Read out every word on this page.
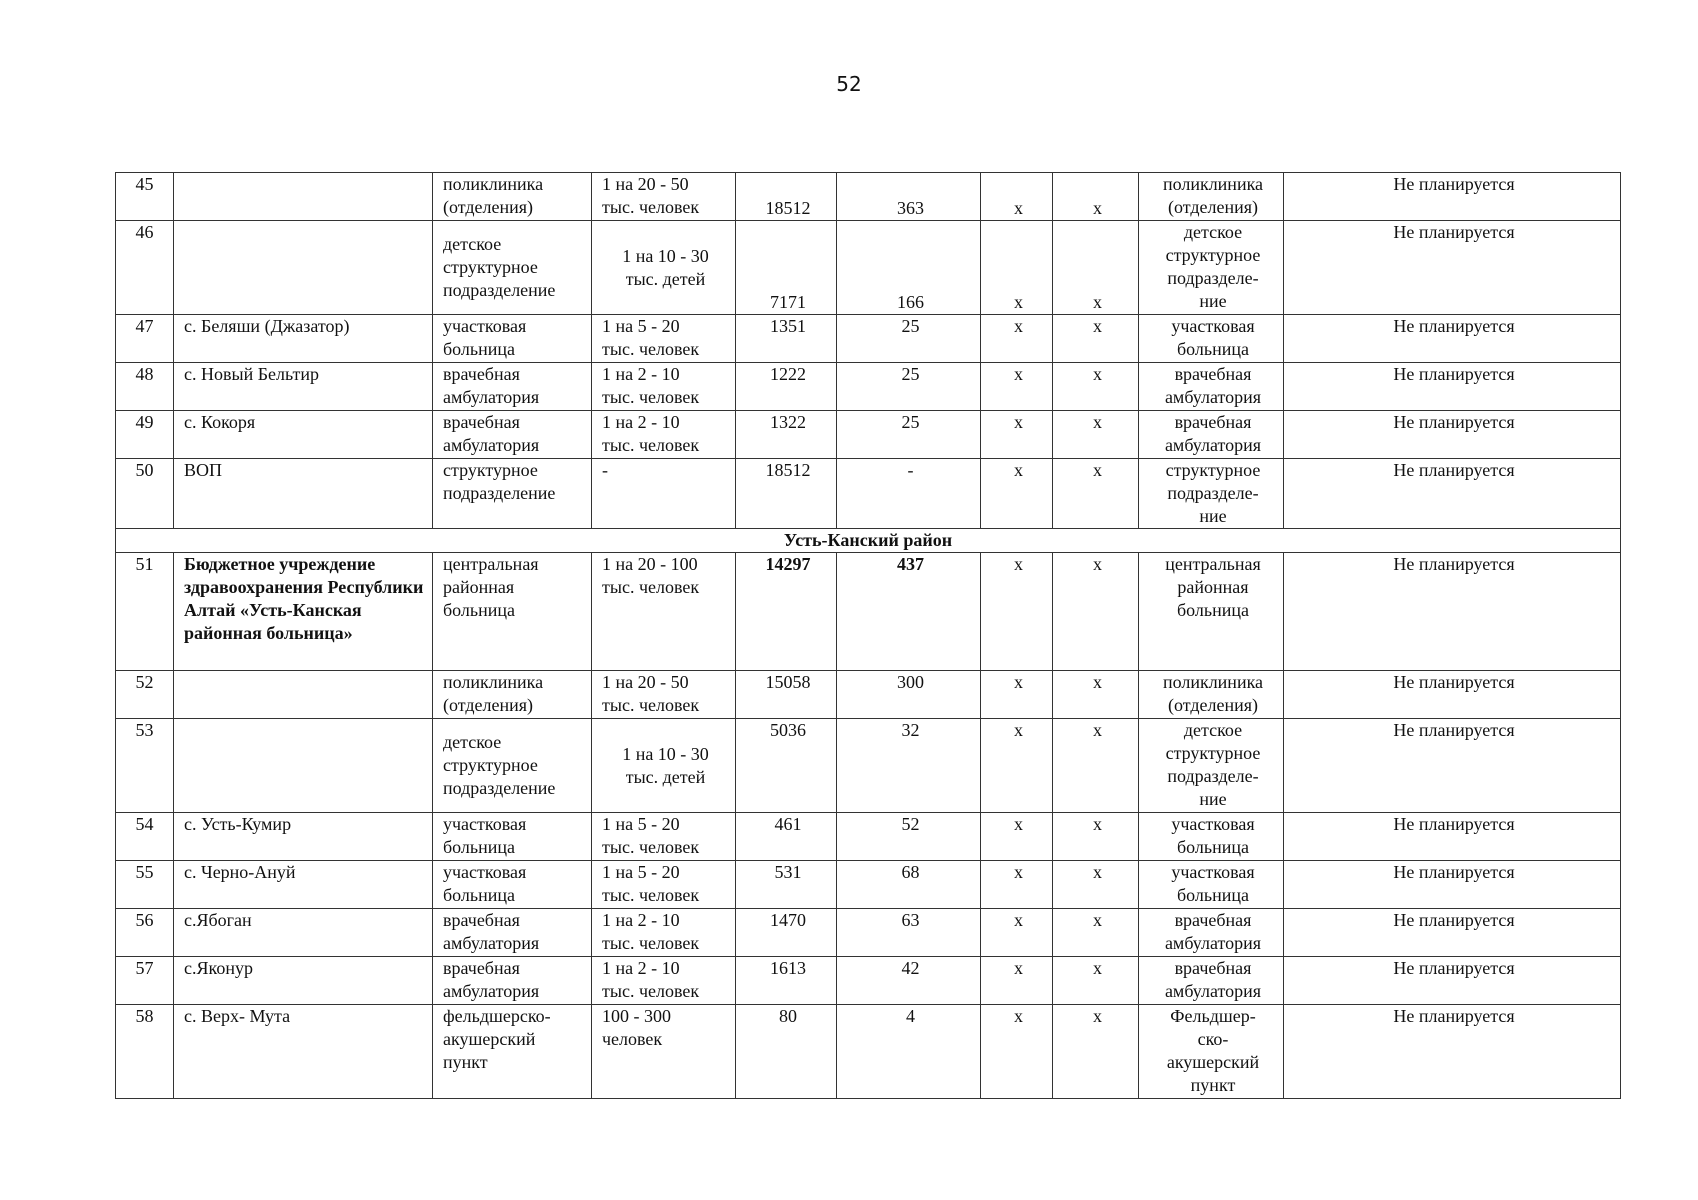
52
45		поликлиника
(отделения)	1 на 20 - 50
тыс. человек	18512	363	х	х	поликлиника
(отделения)	Не планируется
46		детское
структурное
подразделение	1 на 10 - 30
тыс. детей	7171	166	х	х	детское
структурное
подразделе-
ние	Не планируется
47	с. Беляши (Джазатор)	участковая
больница	1 на 5 - 20
тыс. человек	1351	25	х	х	участковая
больница	Не планируется
48	с. Новый Бельтир	врачебная
амбулатория	1 на 2 - 10
тыс. человек	1222	25	х	х	врачебная
амбулатория	Не планируется
49	с. Кокоря	врачебная
амбулатория	1 на 2 - 10
тыс. человек	1322	25	х	х	врачебная
амбулатория	Не планируется
50	ВОП	структурное
подразделение	-	18512	-	х	х	структурное
подразделе-
ние	Не планируется
Усть-Канский район									
51	Бюджетное учреждение здравоохранения Республики Алтай «Усть-Канская районная больница»	центральная
районная
больница	1 на 20 - 100
тыс. человек	14297	437	х	х	центральная
районная
больница	Не планируется
52		поликлиника
(отделения)	1 на 20 - 50
тыс. человек	15058	300	х	х	поликлиника
(отделения)	Не планируется
53		детское
структурное
подразделение	1 на 10 - 30
тыс. детей	5036	32	х	х	детское
структурное
подразделе-
ние	Не планируется
54	с. Усть-Кумир	участковая
больница	1 на 5 - 20
тыс. человек	461	52	х	х	участковая
больница	Не планируется
55	с. Черно-Ануй	участковая
больница	1 на 5 - 20
тыс. человек	531	68	х	х	участковая
больница	Не планируется
56	с.Ябоган	врачебная
амбулатория	1 на 2 - 10
тыс. человек	1470	63	х	х	врачебная
амбулатория	Не планируется
57	с.Яконур	врачебная
амбулатория	1 на 2 - 10
тыс. человек	1613	42	х	х	врачебная
амбулатория	Не планируется
58	с. Верх- Мута	фельдшерско-
акушерский
пункт	100 - 300
человек	80	4	х	х	Фельдшер-
ско-
акушерский
пункт	Не планируется
